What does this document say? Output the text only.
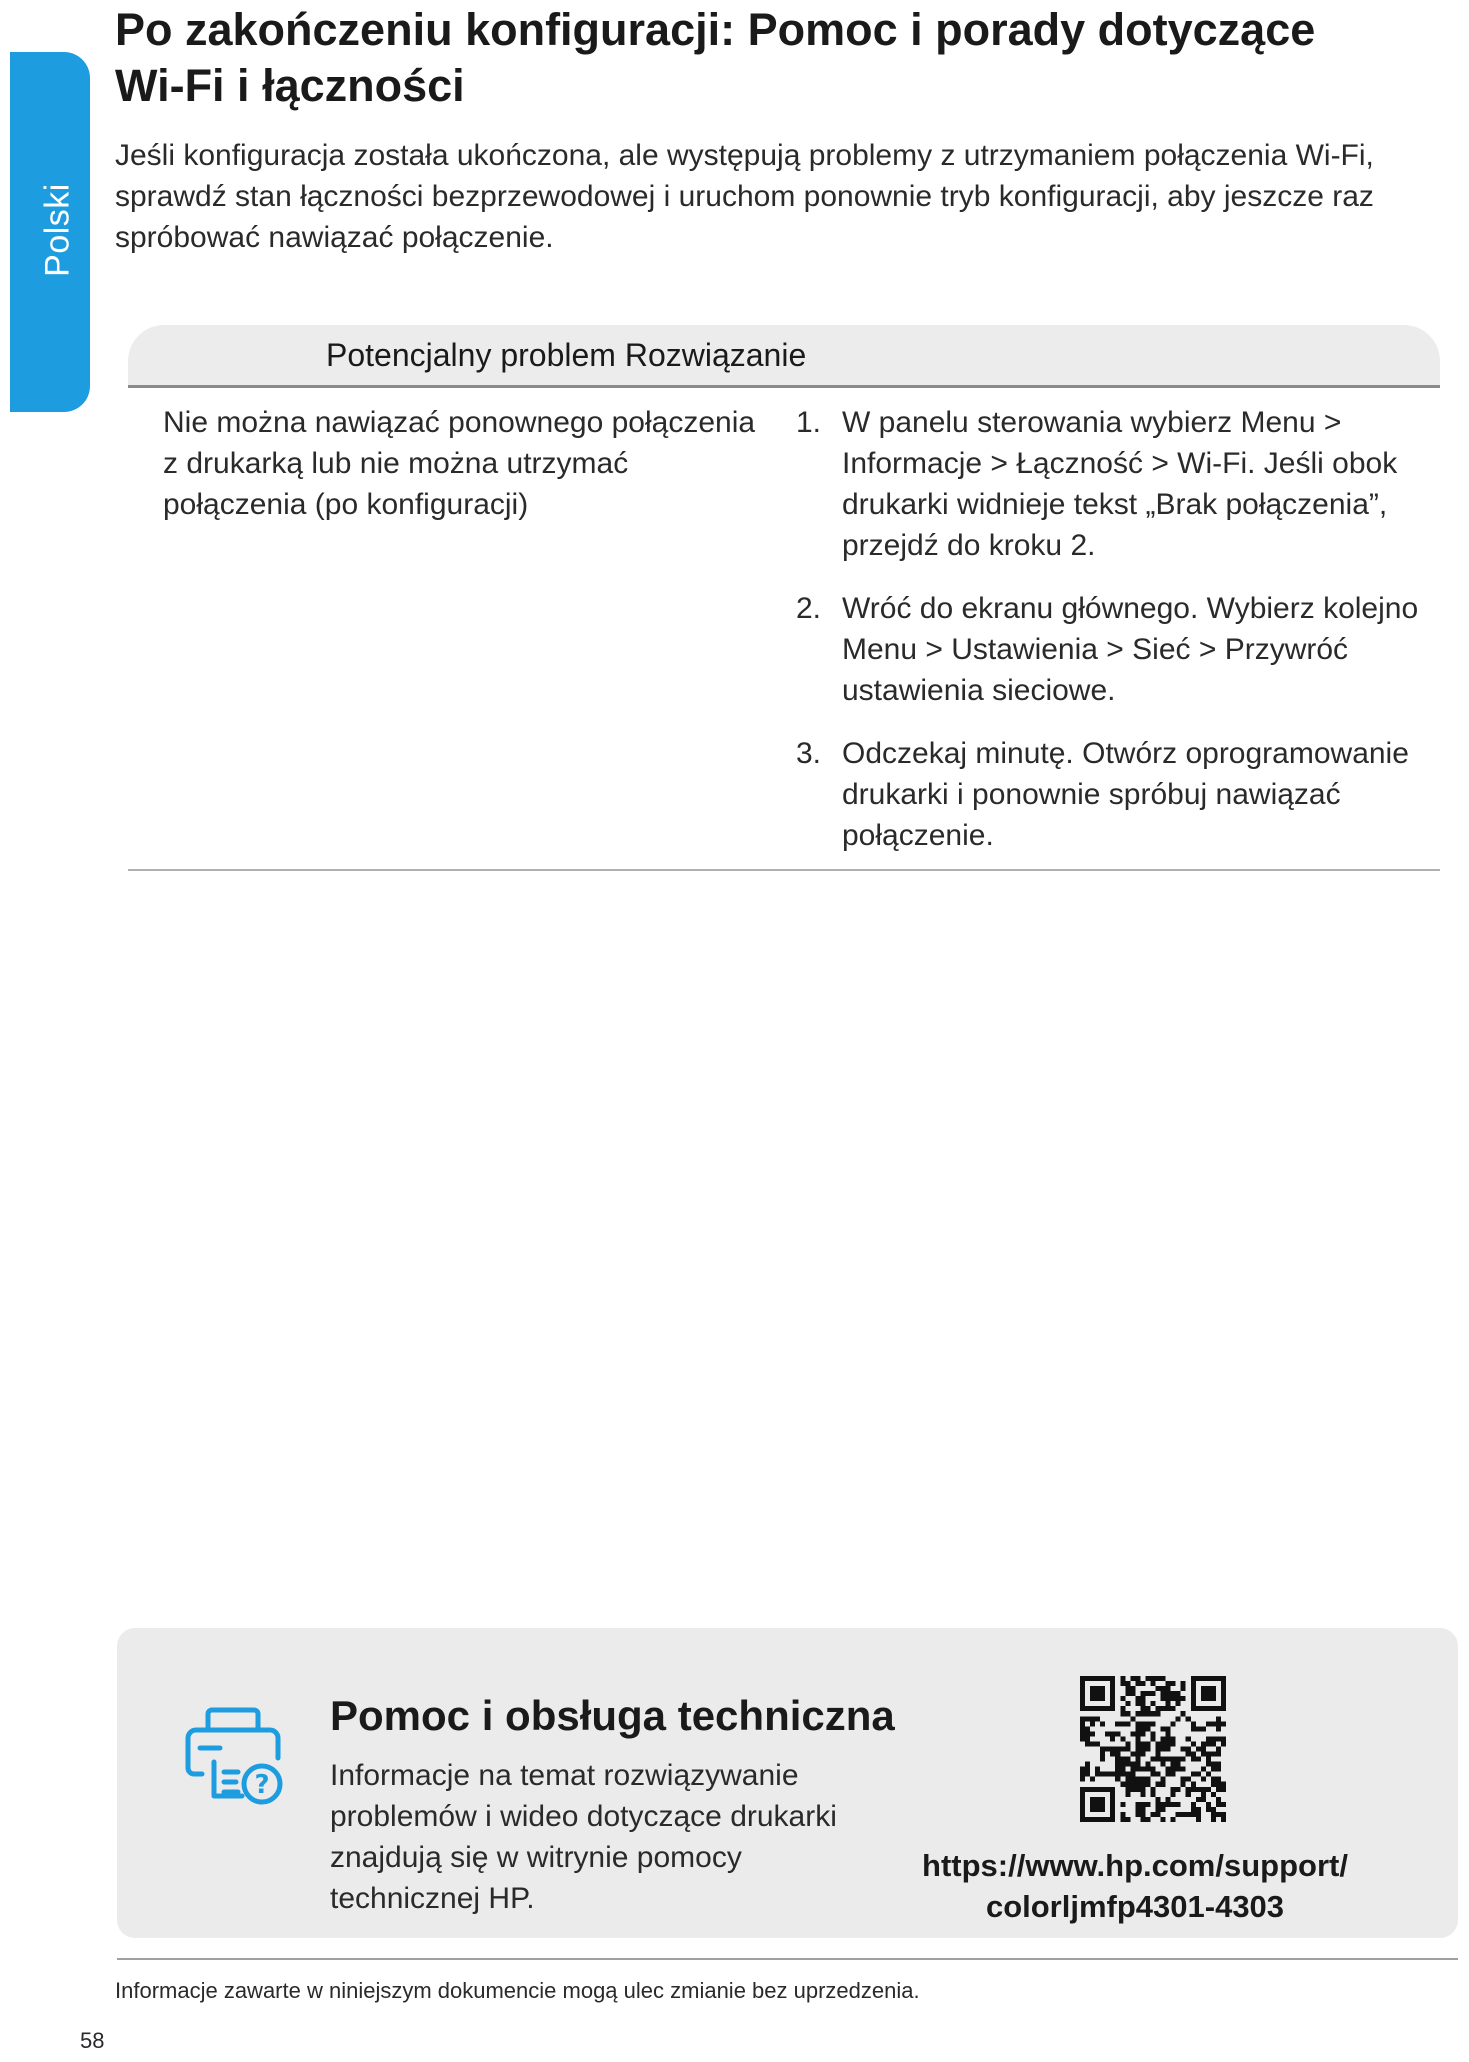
Polski
Po zakończeniu konfiguracji: Pomoc i porady dotyczące
Wi-Fi i łączności

Jeśli konfiguracja została ukończona, ale występują problemy z utrzymaniem połączenia Wi-Fi, sprawdź stan łączności bezprzewodowej i uruchom ponownie tryb konfiguracji, aby jeszcze raz spróbować nawiązać połączenie.

Potencjalny problem Rozwiązanie

Nie można nawiązać ponownego połączenia z drukarką lub nie można utrzymać połączenia (po konfiguracji)

1. W panelu sterowania wybierz Menu > Informacje > Łączność > Wi-Fi. Jeśli obok drukarki widnieje tekst „Brak połączenia”, przejdź do kroku 2.
2. Wróć do ekranu głównego. Wybierz kolejno Menu > Ustawienia > Sieć > Przywróć ustawienia sieciowe.
3. Odczekaj minutę. Otwórz oprogramowanie drukarki i ponownie spróbuj nawiązać połączenie.
?
Pomoc i obsługa techniczna

Informacje na temat rozwiązywanie problemów i wideo dotyczące drukarki znajdują się w witrynie pomocy technicznej HP.

https://www.hp.com/support/
colorljmfp4301-4303

Informacje zawarte w niniejszym dokumencie mogą ulec zmianie bez uprzedzenia.

58
